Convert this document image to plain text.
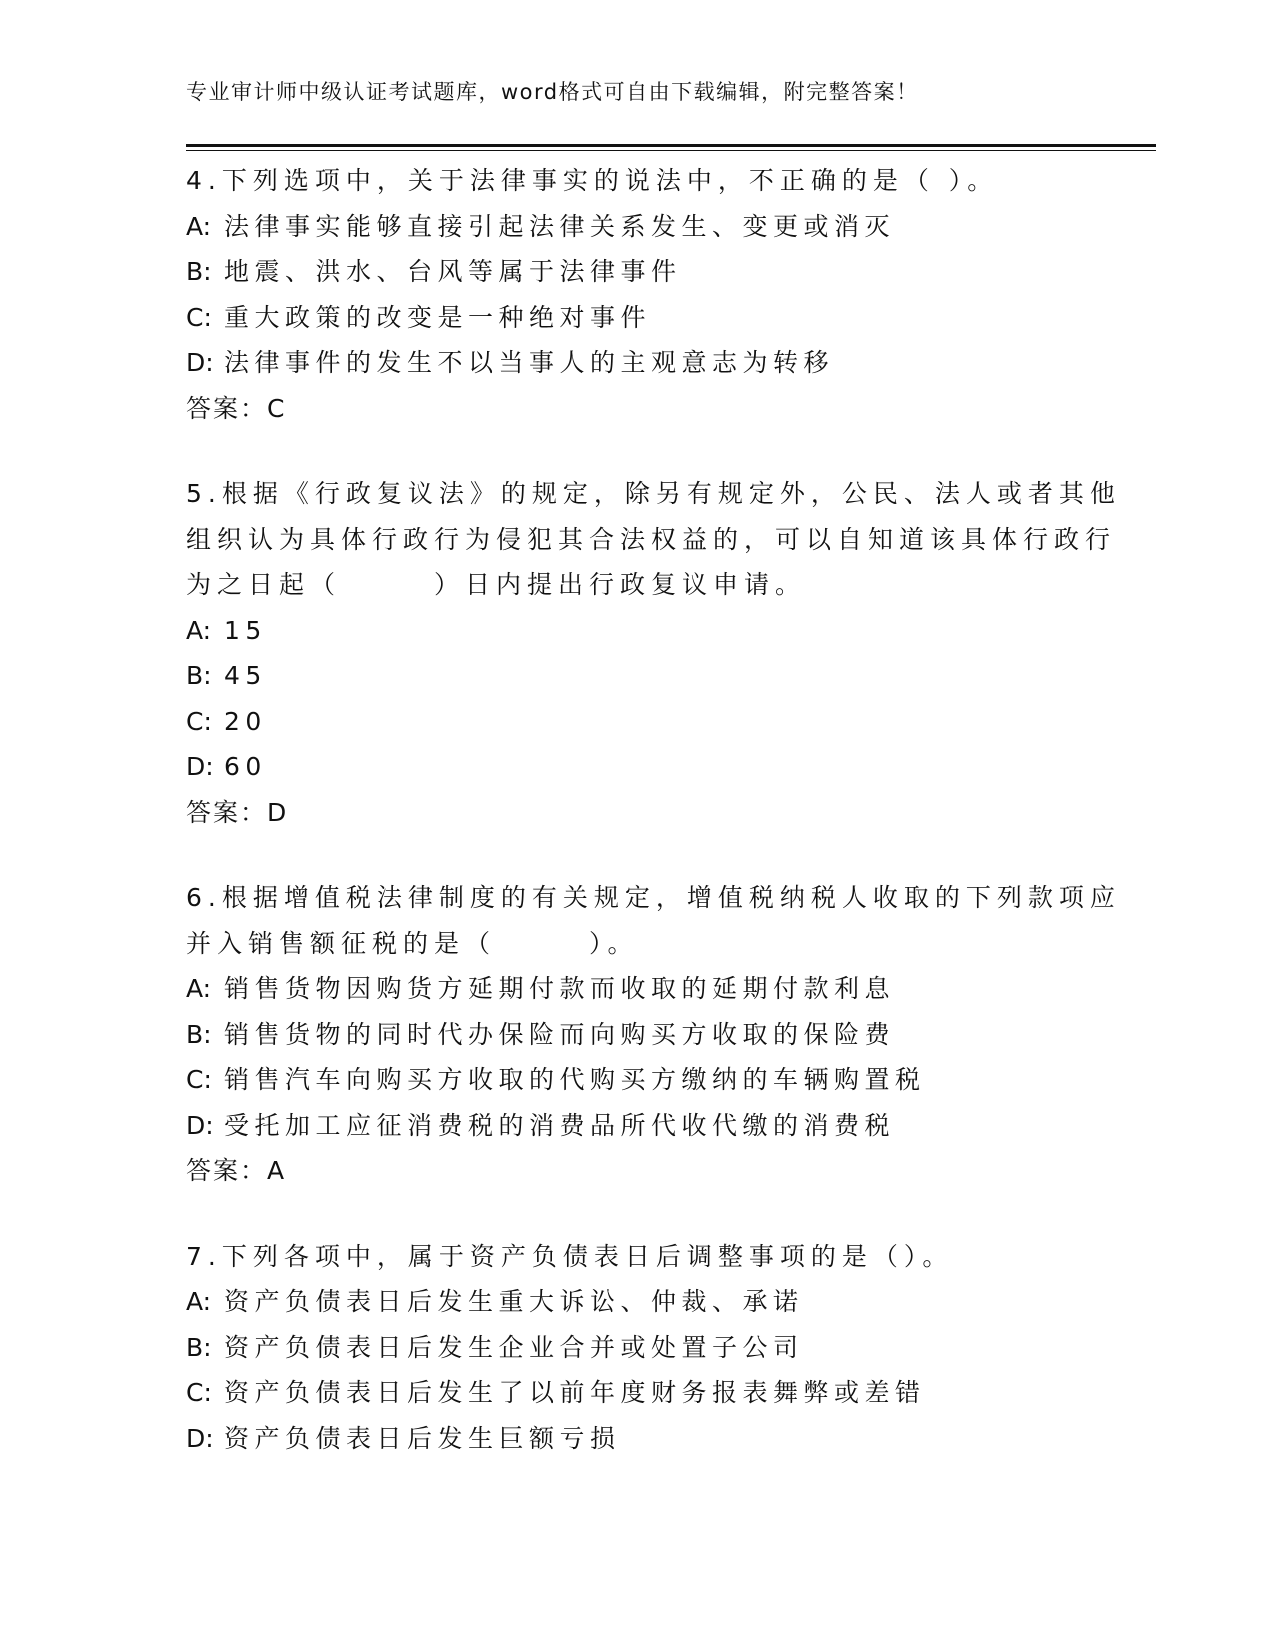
专业审计师中级认证考试题库，word格式可自由下载编辑，附完整答案！
4.下列选项中，关于法律事实的说法中，不正确的是（ ）。
A: 法律事实能够直接引起法律关系发生、变更或消灭
B: 地震、洪水、台风等属于法律事件
C: 重大政策的改变是一种绝对事件
D: 法律事件的发生不以当事人的主观意志为转移
答案：C
5.根据《行政复议法》的规定，除另有规定外，公民、法人或者其他
组织认为具体行政行为侵犯其合法权益的，可以自知道该具体行政行
为之日起（　　　）日内提出行政复议申请。
A: 15
B: 45
C: 20
D: 60
答案：D
6.根据增值税法律制度的有关规定，增值税纳税人收取的下列款项应
并入销售额征税的是（　　　）。
A: 销售货物因购货方延期付款而收取的延期付款利息
B: 销售货物的同时代办保险而向购买方收取的保险费
C: 销售汽车向购买方收取的代购买方缴纳的车辆购置税
D: 受托加工应征消费税的消费品所代收代缴的消费税
答案：A
7.下列各项中，属于资产负债表日后调整事项的是（）。
A: 资产负债表日后发生重大诉讼、仲裁、承诺
B: 资产负债表日后发生企业合并或处置子公司
C: 资产负债表日后发生了以前年度财务报表舞弊或差错
D: 资产负债表日后发生巨额亏损
